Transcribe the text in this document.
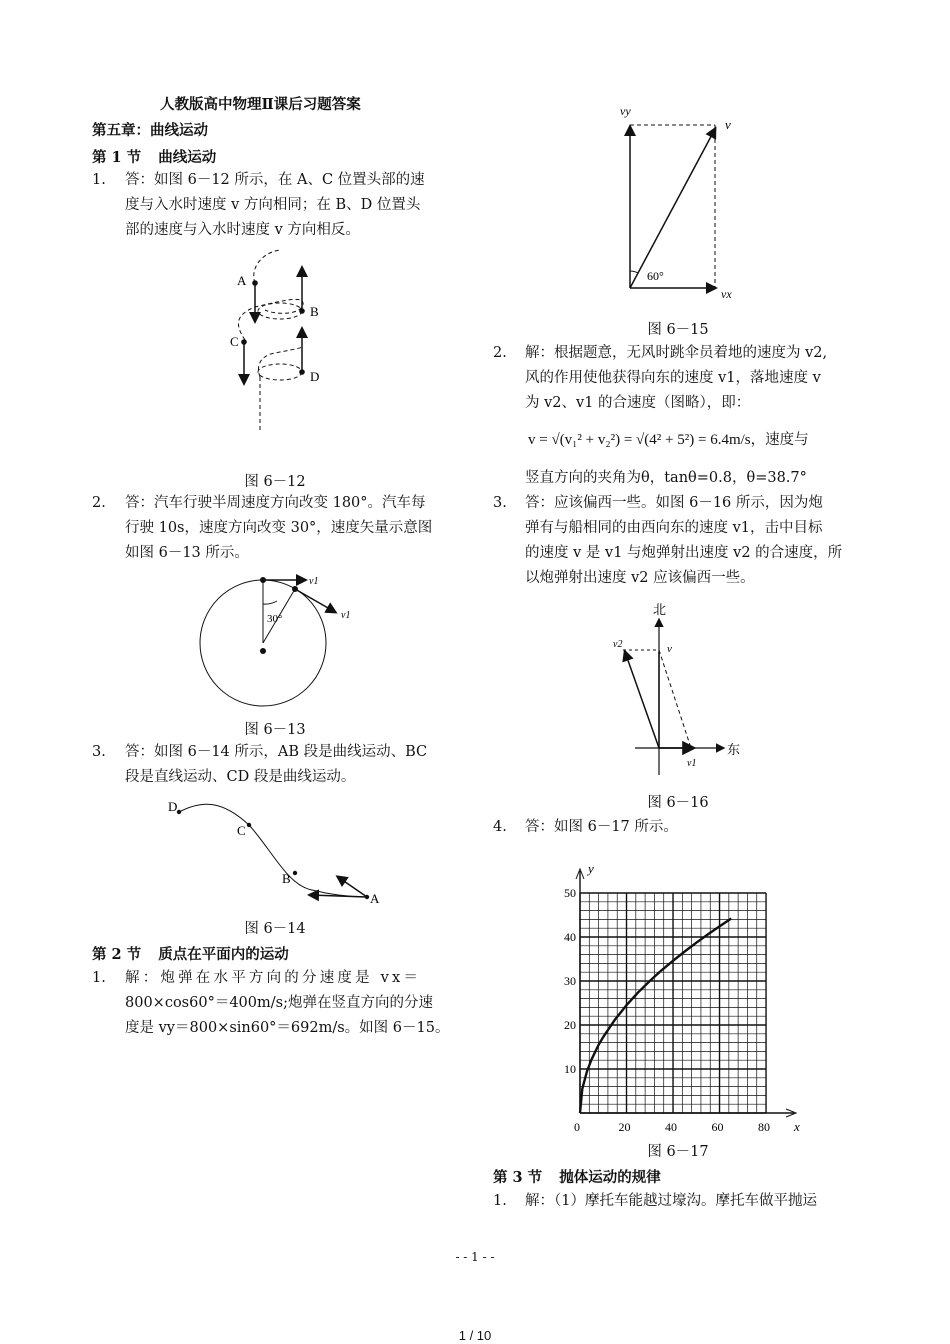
人教版高中物理Ⅱ课后习题答案
第五章：曲线运动
第 1 节 曲线运动
1. 答：如图 6－12 所示，在 A、C 位置头部的速
度与入水时速度 v 方向相同；在 B、D 位置头
部的速度与入水时速度 v 方向相反。
A
B
C
D
图 6－12
2. 答：汽车行驶半周速度方向改变 180°。汽车每
行驶 10s，速度方向改变 30°，速度矢量示意图
如图 6－13 所示。
30°
v1
v1
图 6－13
3. 答：如图 6－14 所示，AB 段是曲线运动、BC
段是直线运动、CD 段是曲线运动。
D
C
B
A
图 6－14
第 2 节 质点在平面内的运动
1. 解：炮弹在水平方向的分速度是 vx＝
800×cos60°＝400m/s;炮弹在竖直方向的分速
度是 vy＝800×sin60°＝692m/s。如图 6－15。
vy
v
60°
vx
图 6－15
2. 解：根据题意，无风时跳伞员着地的速度为 v2,
风的作用使他获得向东的速度 v1，落地速度 v
为 v2、v1 的合速度（图略），即：
v = √(v₁² + v₂²) = √(4² + 5²) = 6.4m/s，速度与
竖直方向的夹角为θ，tanθ=0.8，θ=38.7°
3. 答：应该偏西一些。如图 6－16 所示，因为炮
弹有与船相同的由西向东的速度 v1，击中目标
的速度 v 是 v1 与炮弹射出速度 v2 的合速度，所
以炮弹射出速度 v2 应该偏西一些。
北
东
v2	v
v1
图 6－16
4. 答：如图 6－17 所示。
0	20	40	60	80
10
20
30
40
50
x
y
图 6－17
第 3 节 抛体运动的规律
1. 解：（1）摩托车能越过壕沟。摩托车做平抛运
- - 1 - -
1 / 10
